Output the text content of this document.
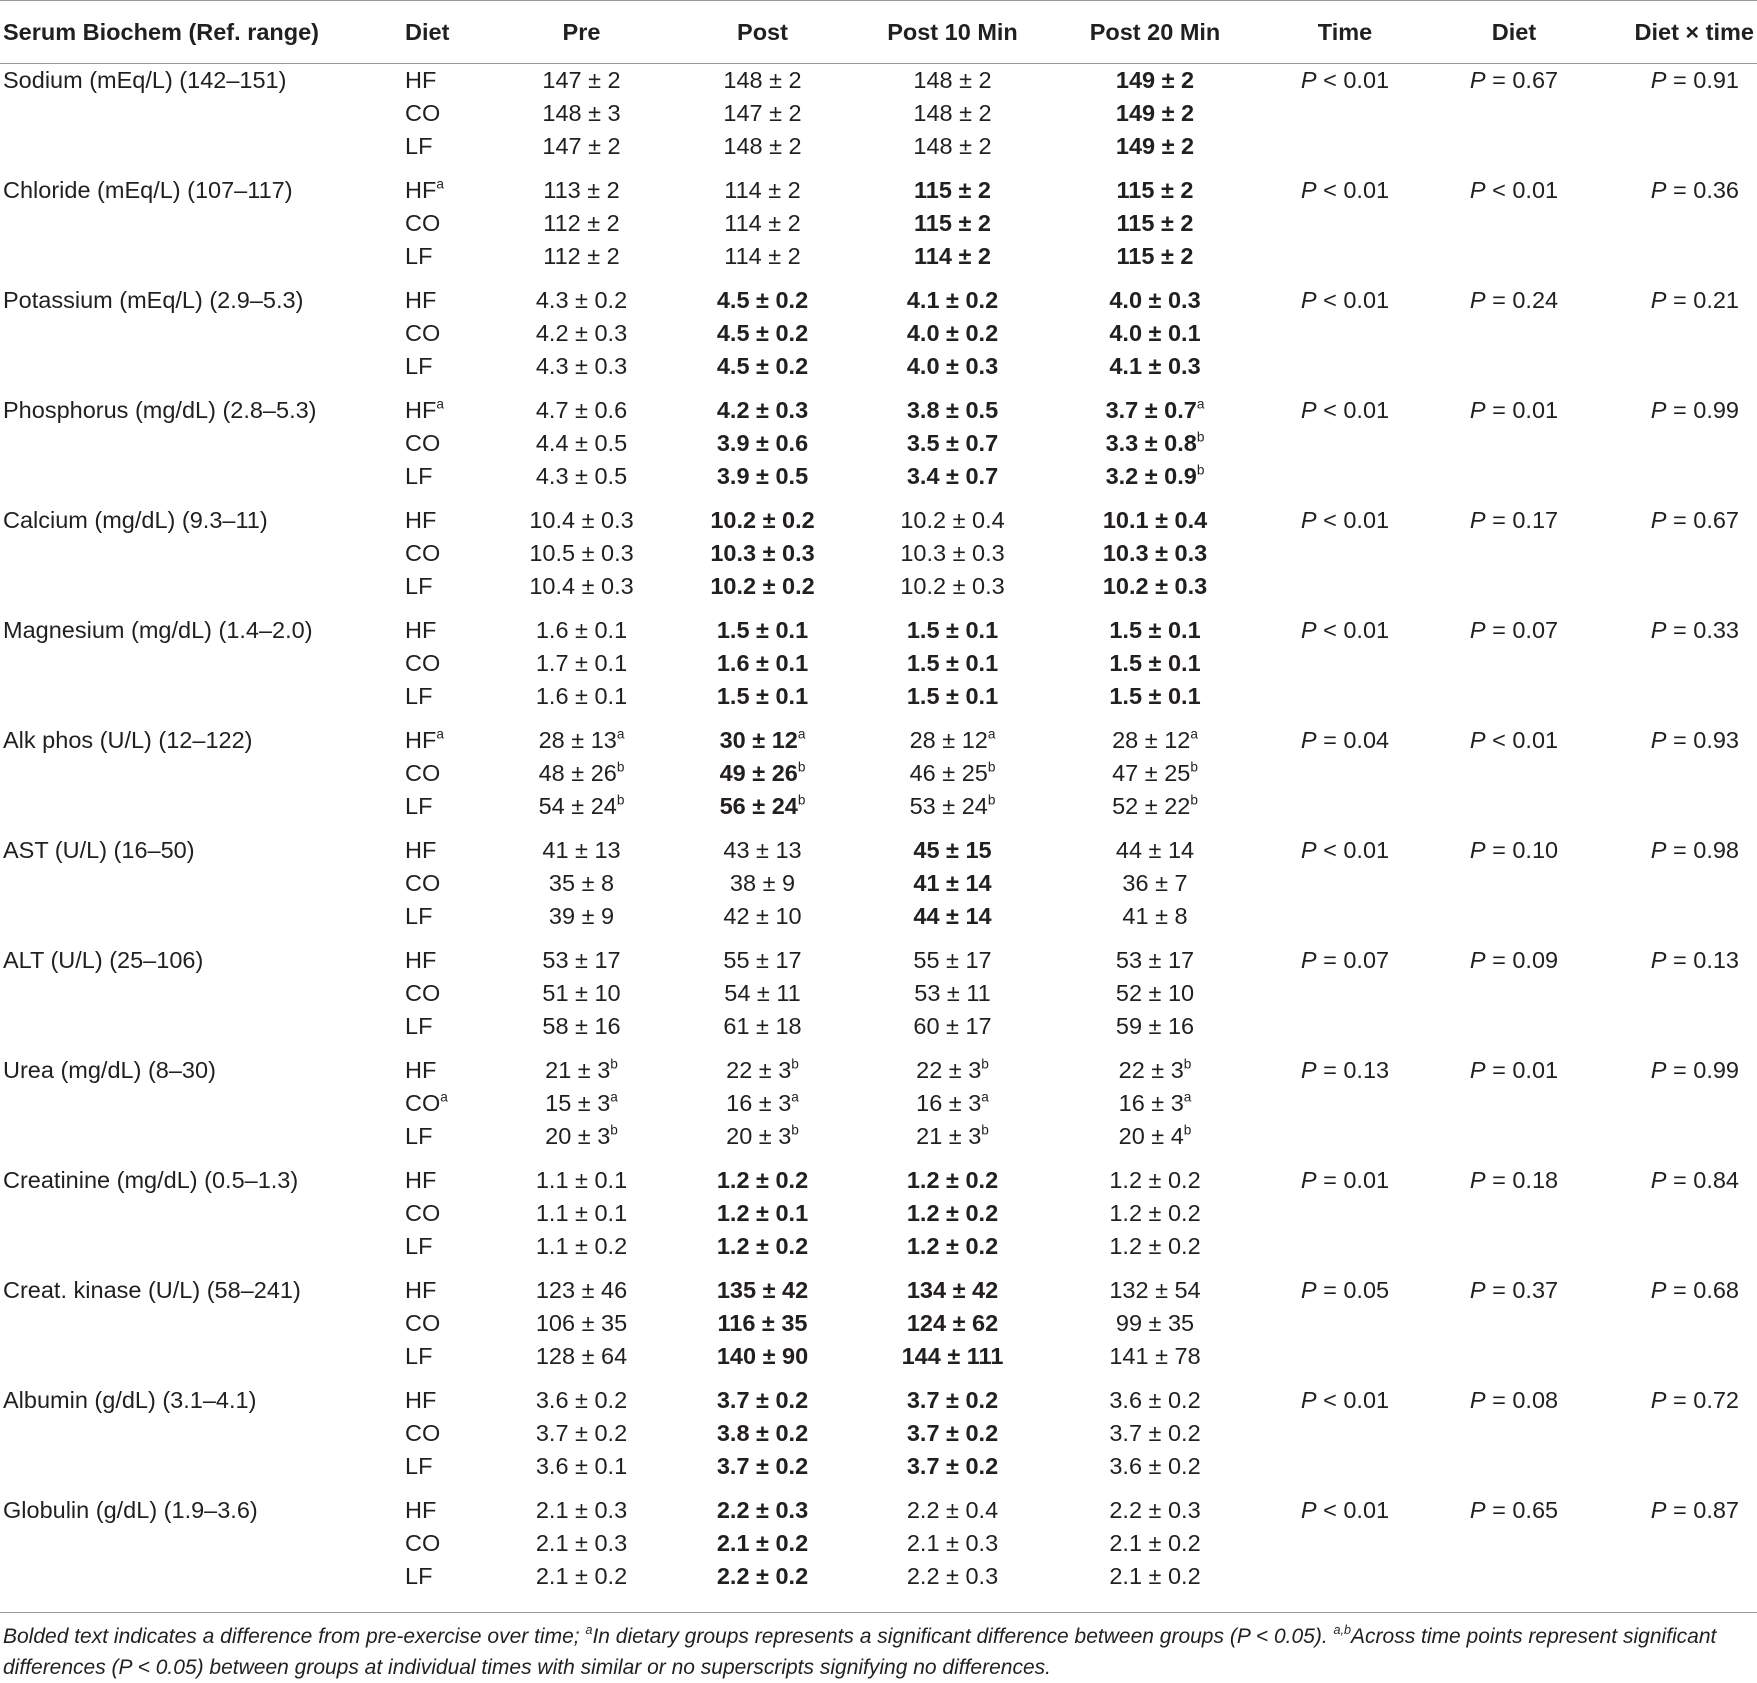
Serum Biochem (Ref. range)	Diet	Pre	Post	Post 10 Min	Post 20 Min	Time	Diet	Diet × time
Sodium (mEq/L) (142–151)	HF	147 ± 2	148 ± 2	148 ± 2	149 ± 2	P < 0.01	P = 0.67	P = 0.91
	CO	148 ± 3	147 ± 2	148 ± 2	149 ± 2			
	LF	147 ± 2	148 ± 2	148 ± 2	149 ± 2			

Chloride (mEq/L) (107–117)	$HF^a$	113 ± 2	114 ± 2	115 ± 2	115 ± 2	P < 0.01	P < 0.01	P = 0.36
	CO	112 ± 2	114 ± 2	115 ± 2	115 ± 2			
	LF	112 ± 2	114 ± 2	114 ± 2	115 ± 2			

Potassium (mEq/L) (2.9–5.3)	HF	4.3 ± 0.2	4.5 ± 0.2	4.1 ± 0.2	4.0 ± 0.3	P < 0.01	P = 0.24	P = 0.21
	CO	4.2 ± 0.3	4.5 ± 0.2	4.0 ± 0.2	4.0 ± 0.1			
	LF	4.3 ± 0.3	4.5 ± 0.2	4.0 ± 0.3	4.1 ± 0.3			

Phosphorus (mg/dL) (2.8–5.3)	$HF^a$	4.7 ± 0.6	4.2 ± 0.3	3.8 ± 0.5	3.7 ± 0.7$^a$	P < 0.01	P = 0.01	P = 0.99
	CO	4.4 ± 0.5	3.9 ± 0.6	3.5 ± 0.7	3.3 ± 0.8$^b$			
	LF	4.3 ± 0.5	3.9 ± 0.5	3.4 ± 0.7	3.2 ± 0.9$^b$			

Calcium (mg/dL) (9.3–11)	HF	10.4 ± 0.3	10.2 ± 0.2	10.2 ± 0.4	10.1 ± 0.4	P < 0.01	P = 0.17	P = 0.67
	CO	10.5 ± 0.3	10.3 ± 0.3	10.3 ± 0.3	10.3 ± 0.3			
	LF	10.4 ± 0.3	10.2 ± 0.2	10.2 ± 0.3	10.2 ± 0.3			

Magnesium (mg/dL) (1.4–2.0)	HF	1.6 ± 0.1	1.5 ± 0.1	1.5 ± 0.1	1.5 ± 0.1	P < 0.01	P = 0.07	P = 0.33
	CO	1.7 ± 0.1	1.6 ± 0.1	1.5 ± 0.1	1.5 ± 0.1			
	LF	1.6 ± 0.1	1.5 ± 0.1	1.5 ± 0.1	1.5 ± 0.1			

Alk phos (U/L) (12–122)	$HF^a$	$28 \pm 13^a$	$30 \pm 12^a$	$28 \pm 12^a$	$28 \pm 12^a$	P = 0.04	P < 0.01	P = 0.93
	CO	$48 \pm 26^b$	$49 \pm 26^b$	$46 \pm 25^b$	$47 \pm 25^b$			
	LF	$54 \pm 24^b$	$56 \pm 24^b$	$53 \pm 24^b$	$52 \pm 22^b$			

AST (U/L) (16–50)	HF	41 ± 13	43 ± 13	45 ± 15	44 ± 14	P < 0.01	P = 0.10	P = 0.98
	CO	35 ± 8	38 ± 9	41 ± 14	36 ± 7			
	LF	39 ± 9	42 ± 10	44 ± 14	41 ± 8			

ALT (U/L) (25–106)	HF	53 ± 17	55 ± 17	55 ± 17	53 ± 17	P = 0.07	P = 0.09	P = 0.13
	CO	51 ± 10	54 ± 11	53 ± 11	52 ± 10			
	LF	58 ± 16	61 ± 18	60 ± 17	59 ± 16			

Urea (mg/dL) (8–30)	HF	$21 \pm 3^b$	$22 \pm 3^b$	$22 \pm 3^b$	$22 \pm 3^b$	P = 0.13	P = 0.01	P = 0.99
	$CO^a$	$15 \pm 3^a$	$16 \pm 3^a$	$16 \pm 3^a$	$16 \pm 3^a$			
	LF	$20 \pm 3^b$	$20 \pm 3^b$	$21 \pm 3^b$	$20 \pm 4^b$			

Creatinine (mg/dL) (0.5–1.3)	HF	1.1 ± 0.1	1.2 ± 0.2	1.2 ± 0.2	1.2 ± 0.2	P = 0.01	P = 0.18	P = 0.84
	CO	1.1 ± 0.1	1.2 ± 0.1	1.2 ± 0.2	1.2 ± 0.2			
	LF	1.1 ± 0.2	1.2 ± 0.2	1.2 ± 0.2	1.2 ± 0.2			

Creat. kinase (U/L) (58–241)	HF	123 ± 46	135 ± 42	134 ± 42	132 ± 54	P = 0.05	P = 0.37	P = 0.68
	CO	106 ± 35	116 ± 35	124 ± 62	99 ± 35			
	LF	128 ± 64	140 ± 90	144 ± 111	141 ± 78			

Albumin (g/dL) (3.1–4.1)	HF	3.6 ± 0.2	3.7 ± 0.2	3.7 ± 0.2	3.6 ± 0.2	P < 0.01	P = 0.08	P = 0.72
	CO	3.7 ± 0.2	3.8 ± 0.2	3.7 ± 0.2	3.7 ± 0.2			
	LF	3.6 ± 0.1	3.7 ± 0.2	3.7 ± 0.2	3.6 ± 0.2			

Globulin (g/dL) (1.9–3.6)	HF	2.1 ± 0.3	2.2 ± 0.3	2.2 ± 0.4	2.2 ± 0.3	P < 0.01	P = 0.65	P = 0.87
	CO	2.1 ± 0.3	2.1 ± 0.2	2.1 ± 0.3	2.1 ± 0.2			
	LF	2.1 ± 0.2	2.2 ± 0.2	2.2 ± 0.3	2.1 ± 0.2			
Bolded text indicates a difference from pre-exercise over time; $^a$In dietary groups represents a significant difference between groups (P < 0.05). $^{a,b}$Across time points represent significant differences (P < 0.05) between groups at individual times with similar or no superscripts signifying no differences.
